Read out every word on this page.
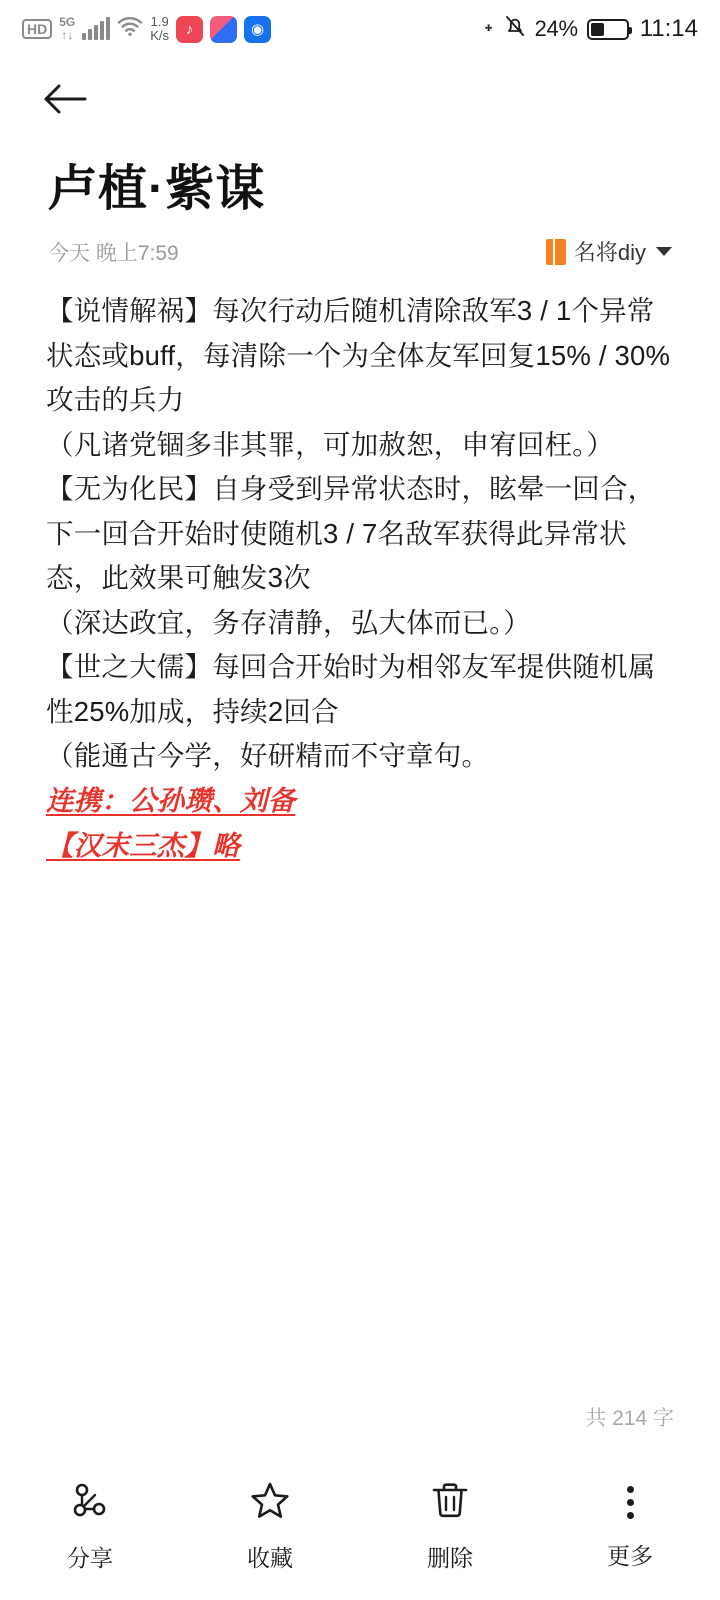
HD	5G
↑↓
1.9
K/s	♪	◉	᛭ 24%	11:14
卢植·紫谋
今天 晚上7:59	名将diy

【说情解祸】每次行动后随机清除敌军3 / 1个异常状态或buff，每清除一个为全体友军回复15% / 30%攻击的兵力

（凡诸党锢多非其罪，可加赦恕，申宥回枉。）

【无为化民】自身受到异常状态时，眩晕一回合，下一回合开始时使随机3 / 7名敌军获得此异常状态，此效果可触发3次

（深达政宜，务存清静，弘大体而已。）

【世之大儒】每回合开始时为相邻友军提供随机属性25%加成，持续2回合

（能通古今学，好研精而不守章句。

连携：公孙瓒、刘备

【汉末三杰】略

共 214 字
分享	收藏	删除	更多
